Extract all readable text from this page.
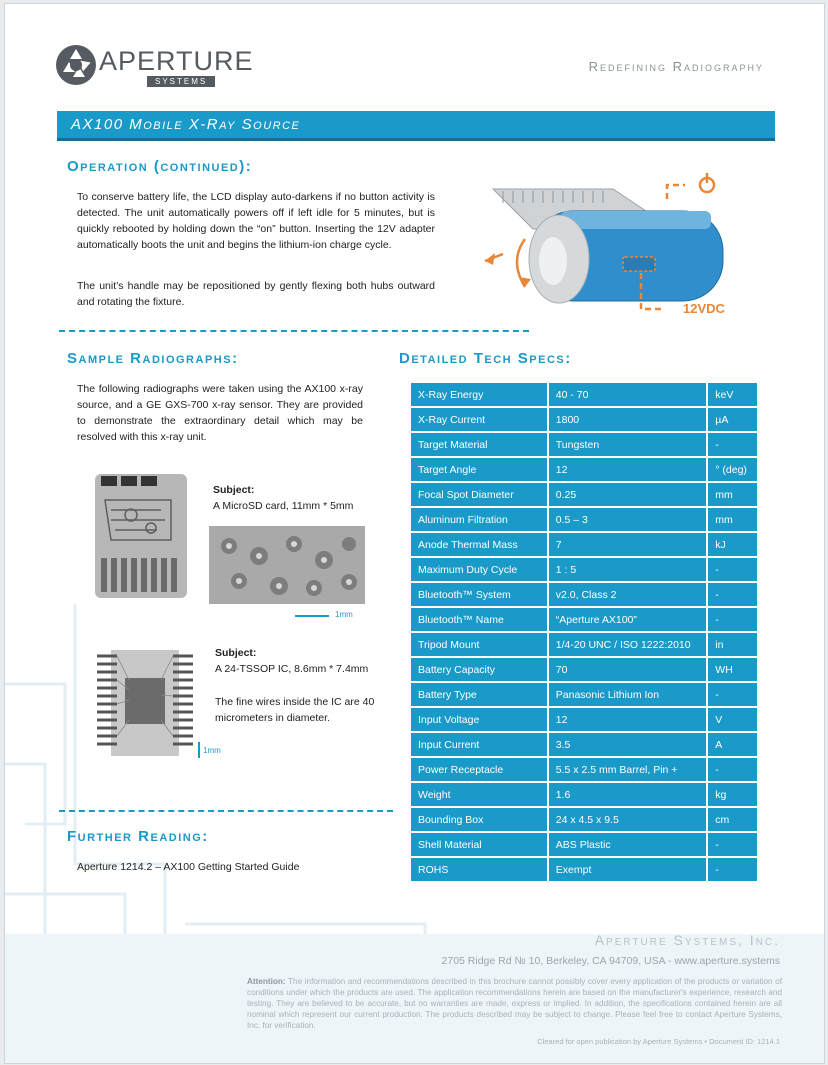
APERTURE
SYSTEMS
Redefining Radiography
AX100 Mobile X-Ray Source
Operation (continued):

To conserve battery life, the LCD display auto-darkens if no button activity is detected. The unit automatically powers off if left idle for 5 minutes, but is quickly rebooted by holding down the “on” button. Inserting the 12V adapter automatically boots the unit and begins the lithium-ion charge cycle.

The unit’s handle may be repositioned by gently flexing both hubs outward and rotating the fixture.	12VDC
Sample Radiographs:

The following radiographs were taken using the AX100 x-ray source, and a GE GXS-700 x-ray sensor. They are provided to demonstrate the extraordinary detail which may be resolved with this x-ray unit.

1mm
Subject:
A MicroSD card, 11mm * 5mm
1mm
Subject:
A 24-TSSOP IC, 8.6mm * 7.4mm
The fine wires inside the IC are 40 micrometers in diameter.
Further Reading:
Aperture 1214.2 – AX100 Getting Started Guide
Detailed Tech Specs:
X-Ray Energy	40 - 70	keV
X-Ray Current	1800	µA
Target Material	Tungsten	-
Target Angle	12	° (deg)
Focal Spot Diameter	0.25	mm
Aluminum Filtration	0.5 – 3	mm
Anode Thermal Mass	7	kJ
Maximum Duty Cycle	1 : 5	-
Bluetooth™ System	v2.0, Class 2	-
Bluetooth™ Name	“Aperture AX100”	-
Tripod Mount	1/4-20 UNC / ISO 1222:2010	in
Battery Capacity	70	WH
Battery Type	Panasonic Lithium Ion	-
Input Voltage	12	V
Input Current	3.5	A
Power Receptacle	5.5 x 2.5 mm Barrel, Pin +	-
Weight	1.6	kg
Bounding Box	24 x 4.5 x 9.5	cm
Shell Material	ABS Plastic	-
ROHS	Exempt	-
Aperture Systems, Inc.
2705 Ridge Rd № 10, Berkeley, CA 94709, USA - www.aperture.systems
Attention: The information and recommendations described in this brochure cannot possibly cover every application of the products or variation of conditions under which the products are used. The application recommendations herein are based on the manufacturer's experience, research and testing. They are believed to be accurate, but no warranties are made, express or implied. In addition, the specifications contained herein are all nominal which represent our current production. The products described may be subject to change. Please feel free to contact Aperture Systems, Inc. for verification.
Cleared for open publication by Aperture Systems • Document ID: 1214.1
